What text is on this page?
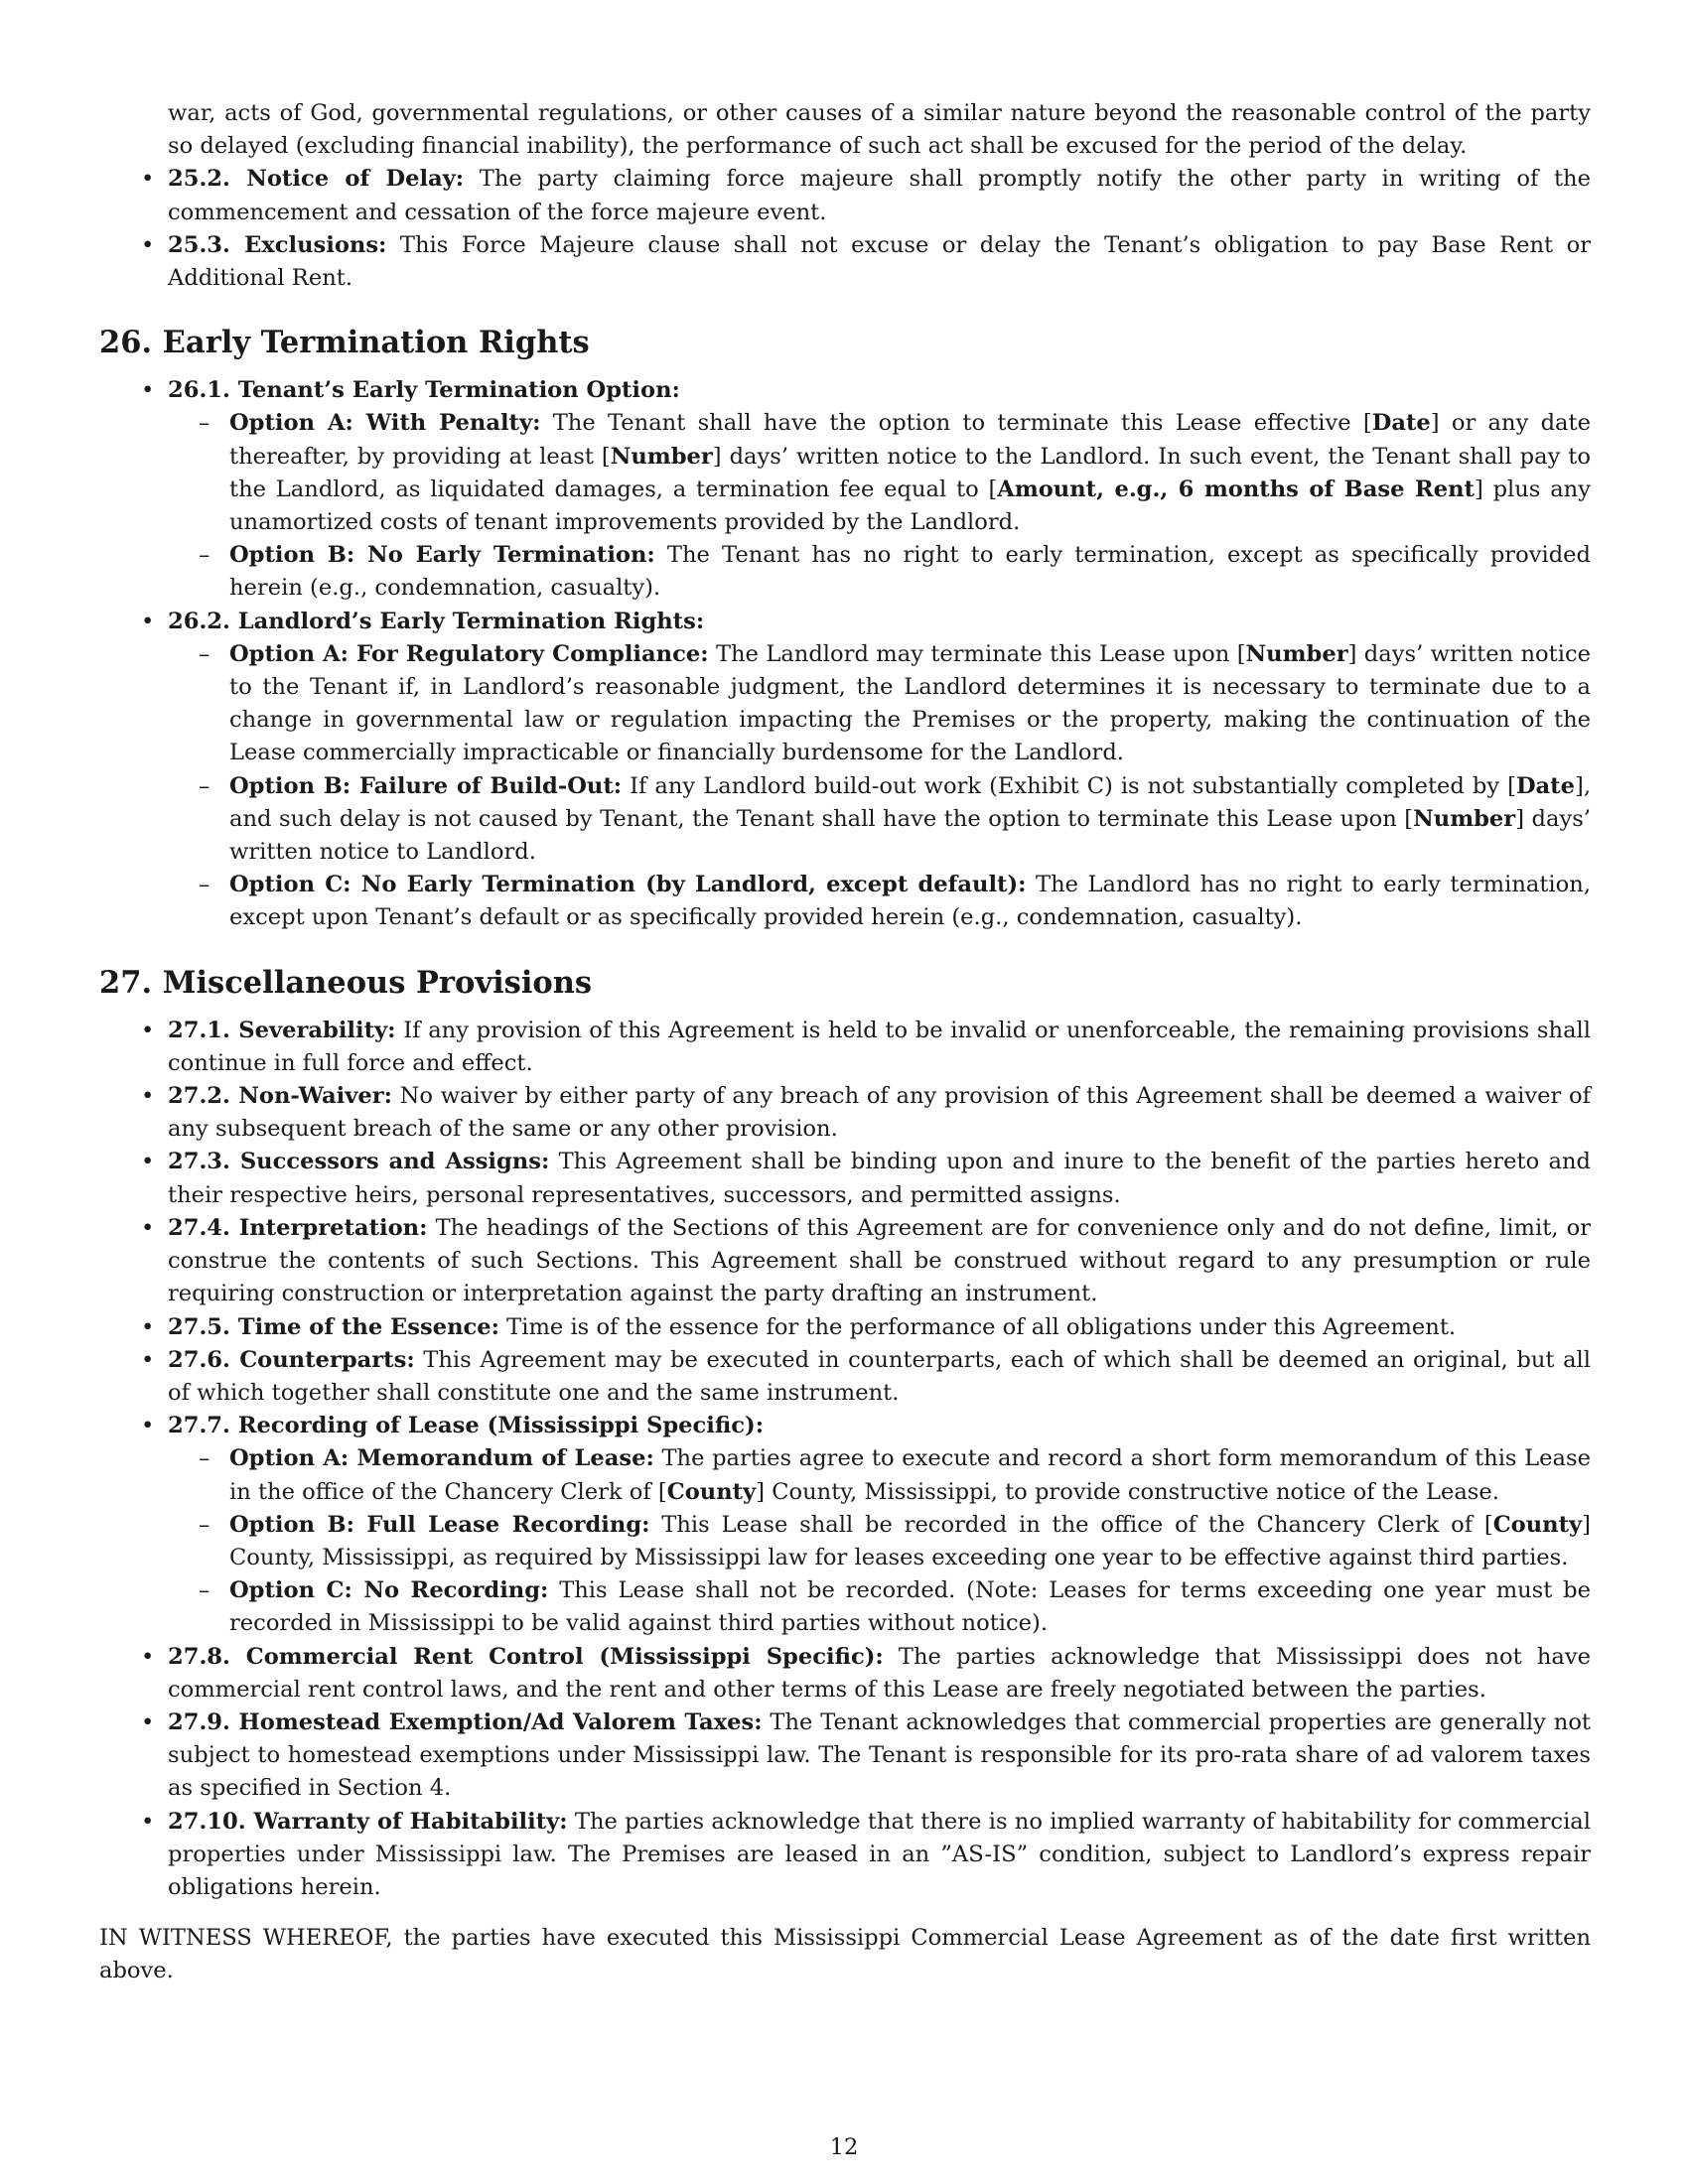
war, acts of God, governmental regulations, or other causes of a similar nature beyond the reasonable control of the party so delayed (excluding financial inability), the performance of such act shall be excused for the period of the delay.
• 25.2. Notice of Delay: The party claiming force majeure shall promptly notify the other party in writing of the commencement and cessation of the force majeure event.
• 25.3. Exclusions: This Force Majeure clause shall not excuse or delay the Tenant’s obligation to pay Base Rent or Additional Rent.
26. Early Termination Rights
• 26.1. Tenant’s Early Termination Option:
– Option A: With Penalty: The Tenant shall have the option to terminate this Lease effective [Date] or any date thereafter, by providing at least [Number] days’ written notice to the Landlord. In such event, the Tenant shall pay to the Landlord, as liquidated damages, a termination fee equal to [Amount, e.g., 6 months of Base Rent] plus any unamortized costs of tenant improvements provided by the Landlord.
– Option B: No Early Termination: The Tenant has no right to early termination, except as specifically provided herein (e.g., condemnation, casualty).
• 26.2. Landlord’s Early Termination Rights:
– Option A: For Regulatory Compliance: The Landlord may terminate this Lease upon [Number] days’ written notice to the Tenant if, in Landlord’s reasonable judgment, the Landlord determines it is necessary to terminate due to a change in governmental law or regulation impacting the Premises or the property, making the continuation of the Lease commercially impracticable or financially burdensome for the Landlord.
– Option B: Failure of Build-Out: If any Landlord build-out work (Exhibit C) is not substantially completed by [Date], and such delay is not caused by Tenant, the Tenant shall have the option to terminate this Lease upon [Number] days’ written notice to Landlord.
– Option C: No Early Termination (by Landlord, except default): The Landlord has no right to early termination, except upon Tenant’s default or as specifically provided herein (e.g., condemnation, casualty).
27. Miscellaneous Provisions
• 27.1. Severability: If any provision of this Agreement is held to be invalid or unenforceable, the remaining provisions shall continue in full force and effect.
• 27.2. Non-Waiver: No waiver by either party of any breach of any provision of this Agreement shall be deemed a waiver of any subsequent breach of the same or any other provision.
• 27.3. Successors and Assigns: This Agreement shall be binding upon and inure to the benefit of the parties hereto and their respective heirs, personal representatives, successors, and permitted assigns.
• 27.4. Interpretation: The headings of the Sections of this Agreement are for convenience only and do not define, limit, or construe the contents of such Sections. This Agreement shall be construed without regard to any presumption or rule requiring construction or interpretation against the party drafting an instrument.
• 27.5. Time of the Essence: Time is of the essence for the performance of all obligations under this Agreement.
• 27.6. Counterparts: This Agreement may be executed in counterparts, each of which shall be deemed an original, but all of which together shall constitute one and the same instrument.
• 27.7. Recording of Lease (Mississippi Specific):
– Option A: Memorandum of Lease: The parties agree to execute and record a short form memorandum of this Lease in the office of the Chancery Clerk of [County] County, Mississippi, to provide constructive notice of the Lease.
– Option B: Full Lease Recording: This Lease shall be recorded in the office of the Chancery Clerk of [County] County, Mississippi, as required by Mississippi law for leases exceeding one year to be effective against third parties.
– Option C: No Recording: This Lease shall not be recorded. (Note: Leases for terms exceeding one year must be recorded in Mississippi to be valid against third parties without notice).
• 27.8. Commercial Rent Control (Mississippi Specific): The parties acknowledge that Mississippi does not have commercial rent control laws, and the rent and other terms of this Lease are freely negotiated between the parties.
• 27.9. Homestead Exemption/Ad Valorem Taxes: The Tenant acknowledges that commercial properties are generally not subject to homestead exemptions under Mississippi law. The Tenant is responsible for its pro-rata share of ad valorem taxes as specified in Section 4.
• 27.10. Warranty of Habitability: The parties acknowledge that there is no implied warranty of habitability for commercial properties under Mississippi law. The Premises are leased in an ”AS-IS” condition, subject to Landlord’s express repair obligations herein.

IN WITNESS WHEREOF, the parties have executed this Mississippi Commercial Lease Agreement as of the date first written above.

12
